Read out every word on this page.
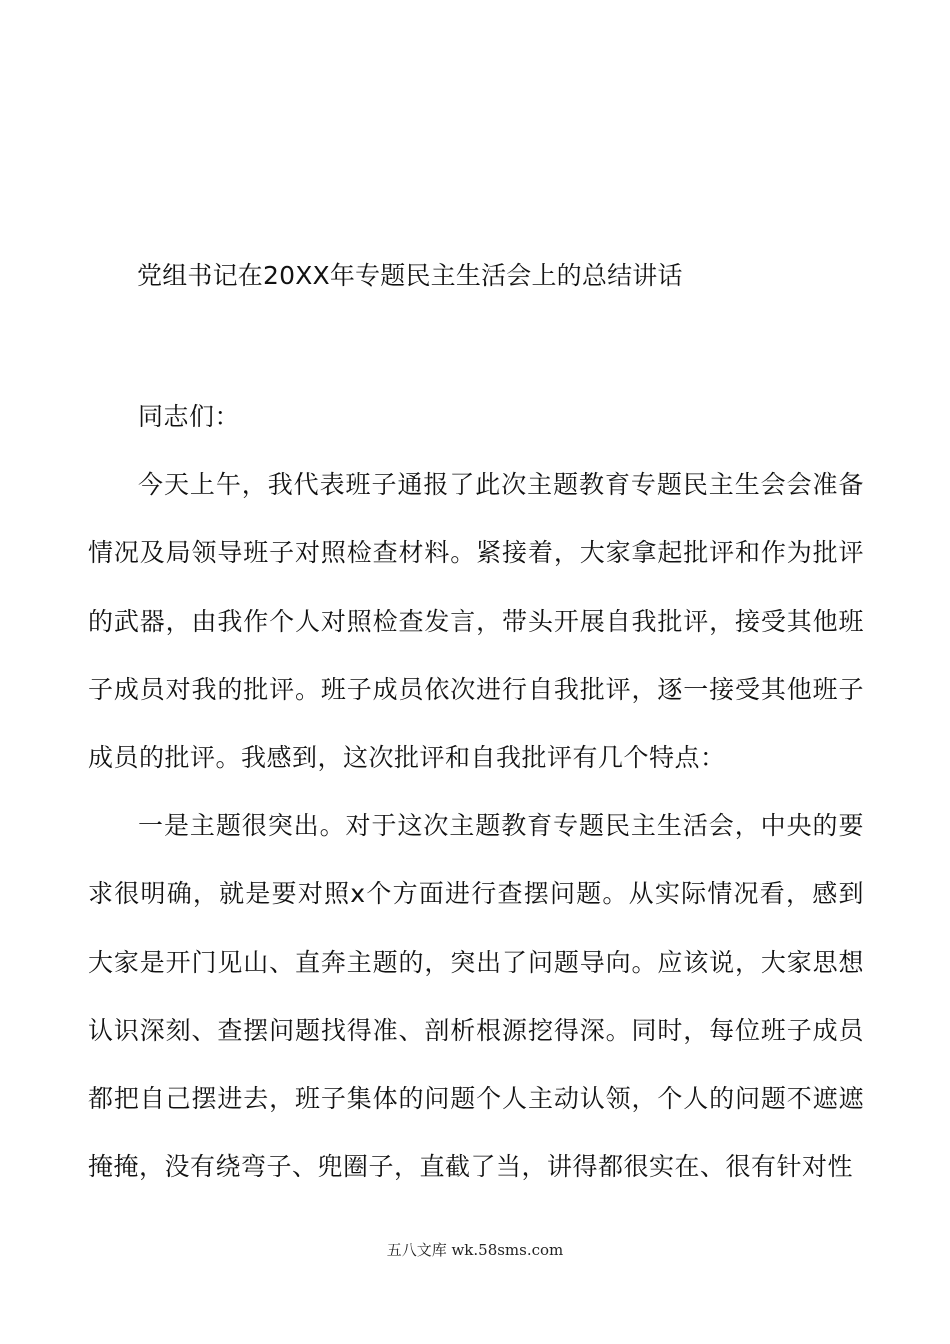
党组书记在20XX年专题民主生活会上的总结讲话

同志们：

今天上午，我代表班子通报了此次主题教育专题民主生会会准备情况及局领导班子对照检查材料。紧接着，大家拿起批评和作为批评的武器，由我作个人对照检查发言，带头开展自我批评，接受其他班子成员对我的批评。班子成员依次进行自我批评，逐一接受其他班子成员的批评。我感到，这次批评和自我批评有几个特点：

一是主题很突出。对于这次主题教育专题民主生活会，中央的要求很明确，就是要对照x个方面进行查摆问题。从实际情况看，感到大家是开门见山、直奔主题的，突出了问题导向。应该说，大家思想认识深刻、查摆问题找得准、剖析根源挖得深。同时，每位班子成员都把自己摆进去，班子集体的问题个人主动认领，个人的问题不遮遮掩掩，没有绕弯子、兜圈子，直截了当，讲得都很实在、很有针对性

五八文库 wk.58sms.com
